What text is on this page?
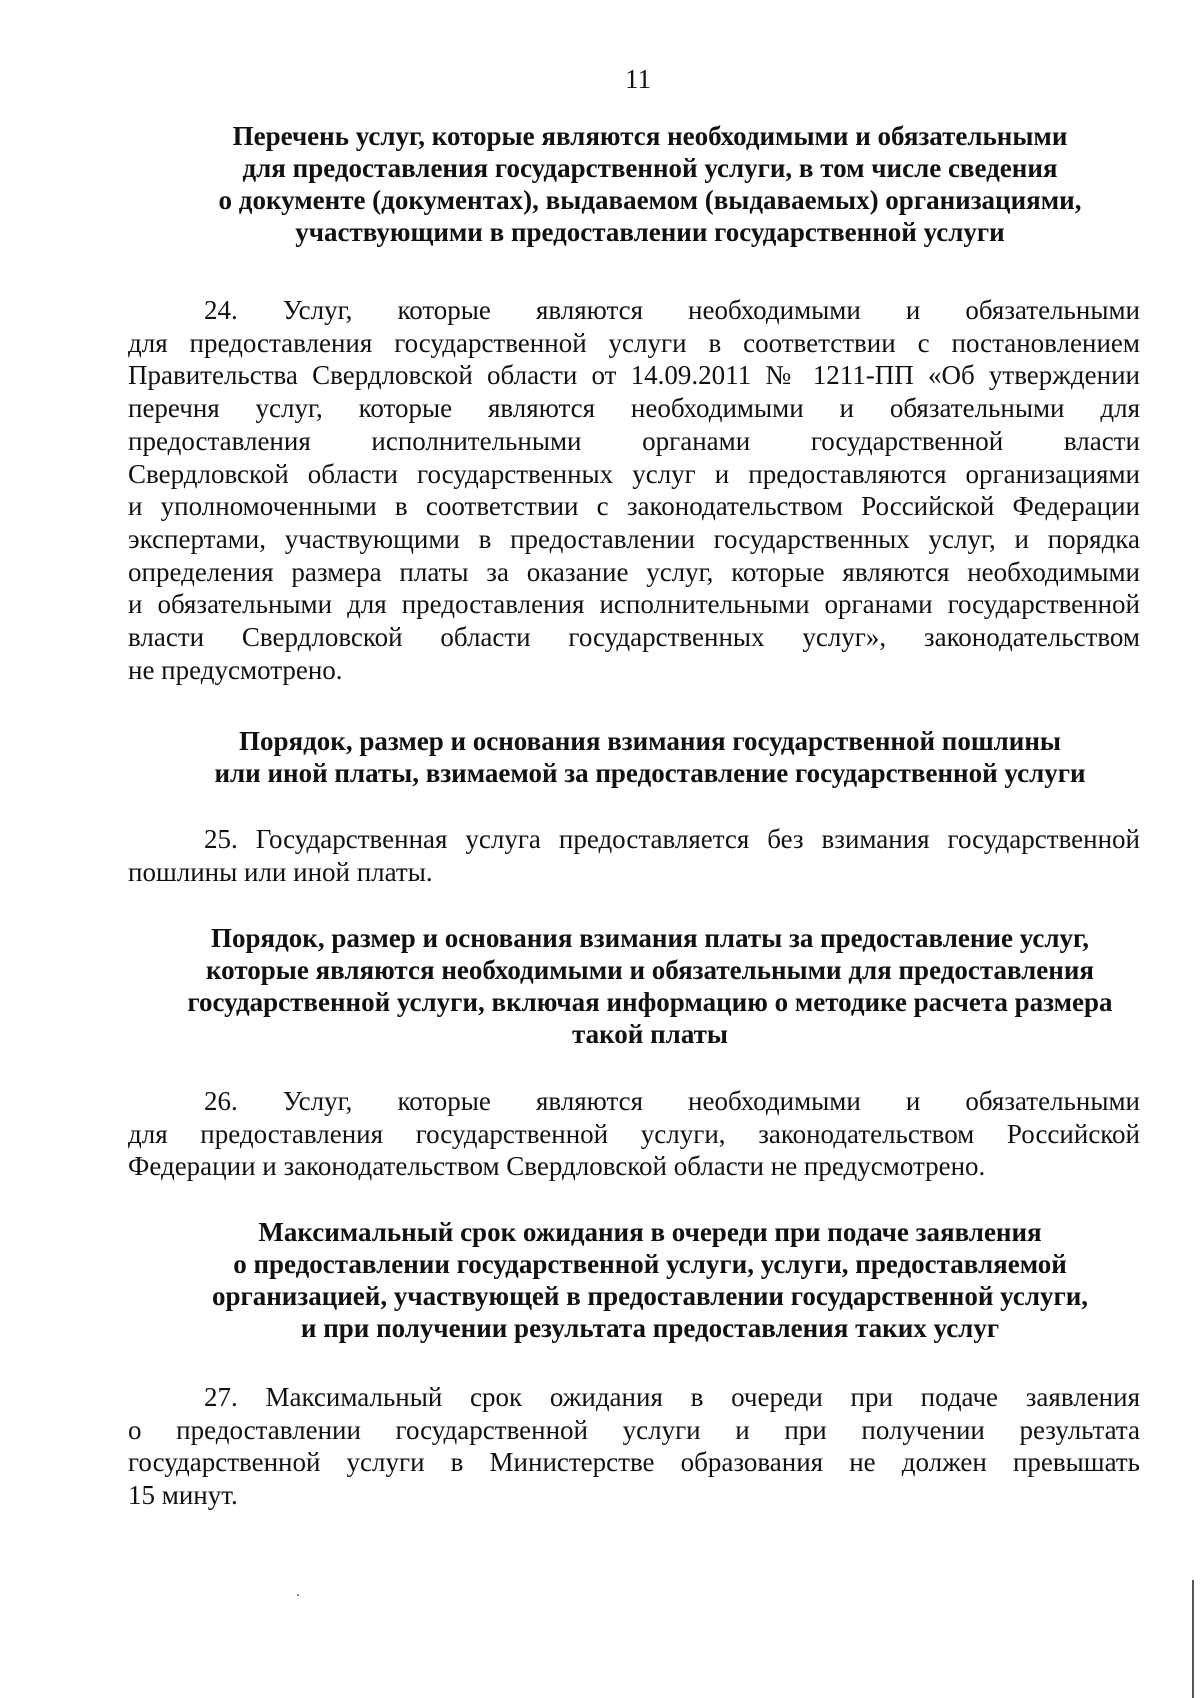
11
Перечень услуг, которые являются необходимыми и обязательными
для предоставления государственной услуги, в том числе сведения
о документе (документах), выдаваемом (выдаваемых) организациями,
участвующими в предоставлении государственной услуги
24. Услуг, которые являются необходимыми и обязательными
для предоставления государственной услуги в соответствии с постановлением
Правительства Свердловской области от 14.09.2011 № 1211-ПП «Об утверждении
перечня услуг, которые являются необходимыми и обязательными для
предоставления исполнительными органами государственной власти
Свердловской области государственных услуг и предоставляются организациями
и уполномоченными в соответствии с законодательством Российской Федерации
экспертами, участвующими в предоставлении государственных услуг, и порядка
определения размера платы за оказание услуг, которые являются необходимыми
и обязательными для предоставления исполнительными органами государственной
власти Свердловской области государственных услуг», законодательством
не предусмотрено.
Порядок, размер и основания взимания государственной пошлины
или иной платы, взимаемой за предоставление государственной услуги
25. Государственная услуга предоставляется без взимания государственной
пошлины или иной платы.
Порядок, размер и основания взимания платы за предоставление услуг,
которые являются необходимыми и обязательными для предоставления
государственной услуги, включая информацию о методике расчета размера
такой платы
26. Услуг, которые являются необходимыми и обязательными
для предоставления государственной услуги, законодательством Российской
Федерации и законодательством Свердловской области не предусмотрено.
Максимальный срок ожидания в очереди при подаче заявления
о предоставлении государственной услуги, услуги, предоставляемой
организацией, участвующей в предоставлении государственной услуги,
и при получении результата предоставления таких услуг
27. Максимальный срок ожидания в очереди при подаче заявления
о предоставлении государственной услуги и при получении результата
государственной услуги в Министерстве образования не должен превышать
15 минут.
